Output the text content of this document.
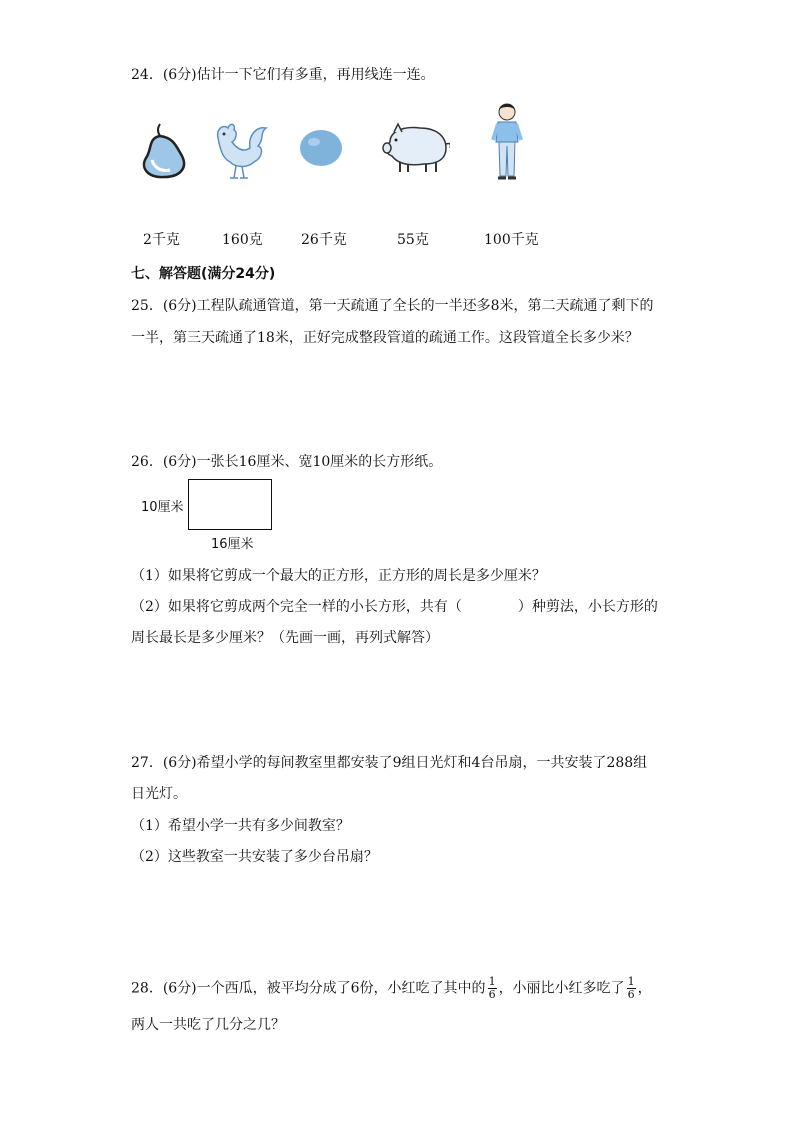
24．(6分)估计一下它们有多重，再用线连一连。
2千克	160克	26千克	55克	100千克
七、解答题(满分24分)
25．(6分)工程队疏通管道，第一天疏通了全长的一半还多8米，第二天疏通了剩下的
一半，第三天疏通了18米，正好完成整段管道的疏通工作。这段管道全长多少米？
26．(6分)一张长16厘米、宽10厘米的长方形纸。
10厘米
16厘米
（1）如果将它剪成一个最大的正方形，正方形的周长是多少厘米？
（2）如果将它剪成两个完全一样的小长方形，共有（　　　　）种剪法，小长方形的
周长最长是多少厘米？（先画一画，再列式解答）
27．(6分)希望小学的每间教室里都安装了9组日光灯和4台吊扇，一共安装了288组
日光灯。
（1）希望小学一共有多少间教室？
（2）这些教室一共安装了多少台吊扇？
28．(6分)一个西瓜，被平均分成了6份，小红吃了其中的 $\frac{1}{6}$ ，小丽比小红多吃了 $\frac{1}{6}$ ，
两人一共吃了几分之几？
